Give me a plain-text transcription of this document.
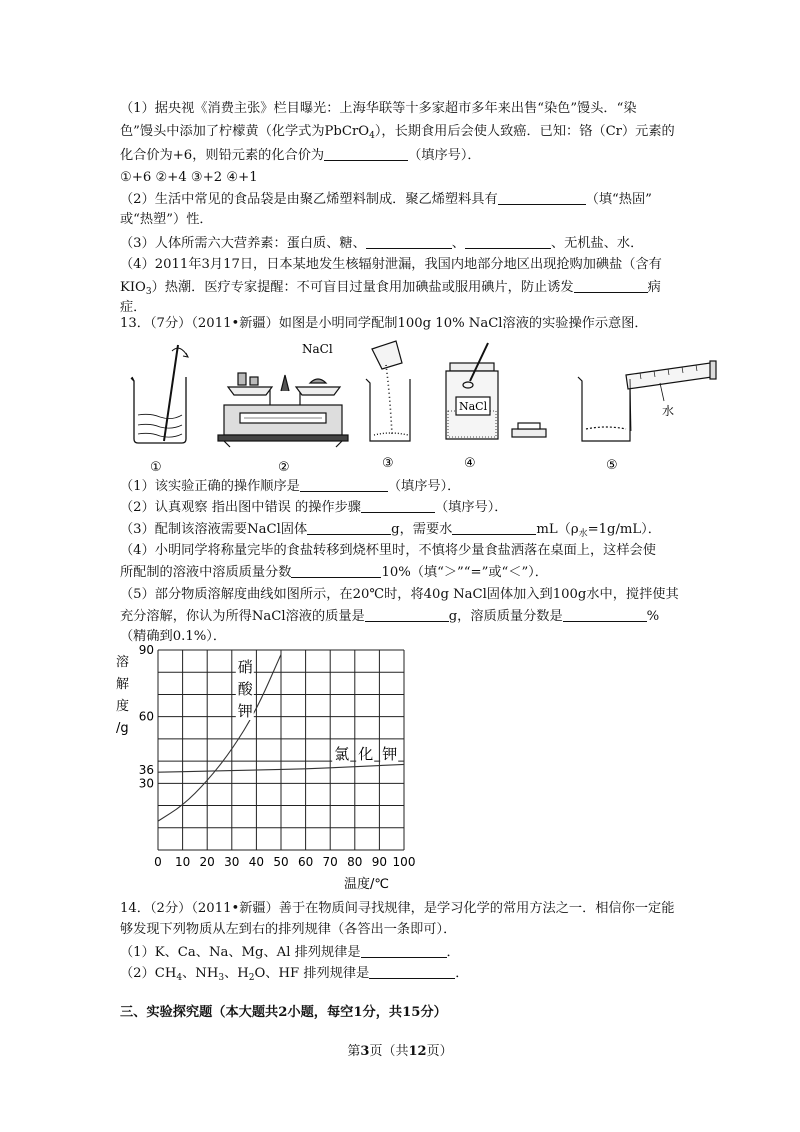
（1）据央视《消费主张》栏目曝光：上海华联等十多家超市多年来出售“染色”馒头．“染
色”馒头中添加了柠檬黄（化学式为PbCrO$_4$），长期食用后会使人致癌．已知：铬（Cr）元素的
化合价为+6，则铅元素的化合价为	（填序号）．
①+6 ②+4 ③+2 ④+1
（2）生活中常见的食品袋是由聚乙烯塑料制成．聚乙烯塑料具有	（填“热固”
或“热塑”）性．
（3）人体所需六大营养素：蛋白质、糖、	、	、无机盐、水．
（4）2011年3月17日，日本某地发生核辐射泄漏，我国内地部分地区出现抢购加碘盐（含有
$KIO_3$）热潮．医疗专家提醒：不可盲目过量食用加碘盐或服用碘片，防止诱发	病
症．
13．（7分）（2011•新疆）如图是小明同学配制100g 10% NaCl溶液的实验操作示意图．
①
NaCl
②	③
NaCl
④
水
⑤
（1）该实验正确的操作顺序是	（填序号）．
（2）认真观察 指出图中错误 的操作步骤	（填序号）．
（3）配制该溶液需要NaCl固体	g，需要水	$mL(\rho_水=1g/mL)$．
（4）小明同学将称量完毕的食盐转移到烧杯里时，不慎将少量食盐洒落在桌面上，这样会使
所配制的溶液中溶质质量分数	10%（填“＞”“=”或“＜”）．
（5）部分物质溶解度曲线如图所示，在20℃时，将40g NaCl固体加入到100g水中，搅拌使其
充分溶解，你认为所得NaCl溶液的质量是	g，溶质质量分数是	%
（精确到0.1%）．
0 10 20 30 40 50 60 70 80 90 100
90
60
36
30
溶
解
度
/g
温度/℃
硝
酸
钾
氯 化 钾
14．（2分）（2011•新疆）善于在物质间寻找规律，是学习化学的常用方法之一．相信你一定能
够发现下列物质从左到右的排列规律（各答出一条即可）．
（1）K、Ca、Na、Mg、Al 排列规律是	．
$(2)CH_4$、$NH_3$、$H_2O$、HF 排列规律是	．
三、实验探究题（本大题共2小题，每空1分，共15分）
第3页（共12页）
